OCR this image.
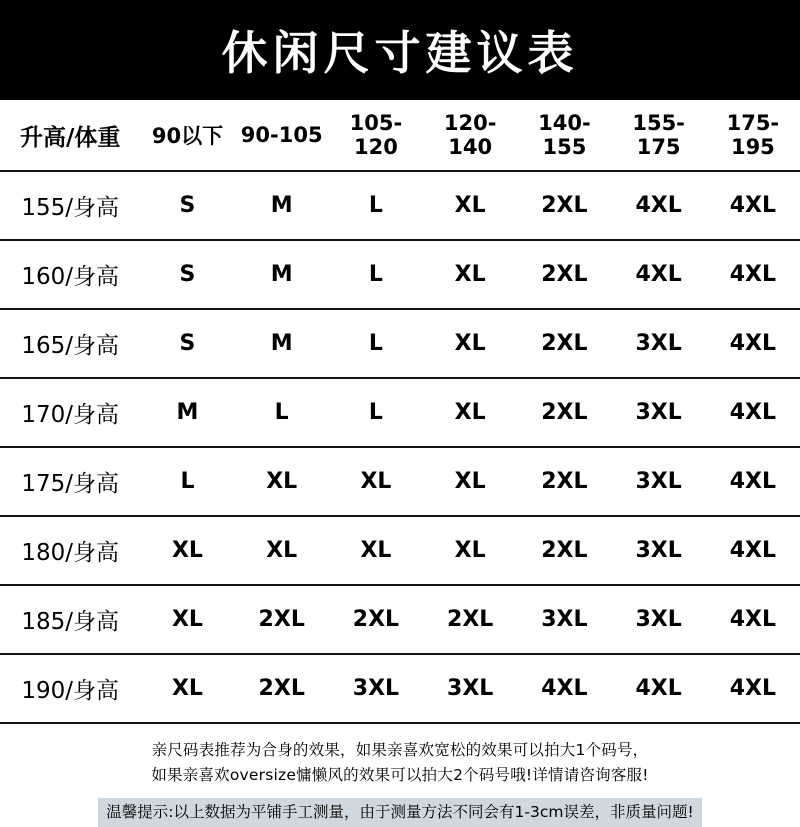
休闲尺寸建议表
升高/体重	90以下	90-105	105-120	120-140	140-155	155-175	175-195
155/身高	S	M	L	XL	2XL	4XL	4XL
160/身高	S	M	L	XL	2XL	4XL	4XL
165/身高	S	M	L	XL	2XL	3XL	4XL
170/身高	M	L	L	XL	2XL	3XL	4XL
175/身高	L	XL	XL	XL	2XL	3XL	4XL
180/身高	XL	XL	XL	XL	2XL	3XL	4XL
185/身高	XL	2XL	2XL	2XL	3XL	3XL	4XL
190/身高	XL	2XL	3XL	3XL	4XL	4XL	4XL
亲尺码表推荐为合身的效果，如果亲喜欢宽松的效果可以拍大1个码号，
如果亲喜欢oversize慵懒风的效果可以拍大2个码号哦!详情请咨询客服!
温馨提示:以上数据为平铺手工测量，由于测量方法不同会有1-3cm误差，非质量问题!
